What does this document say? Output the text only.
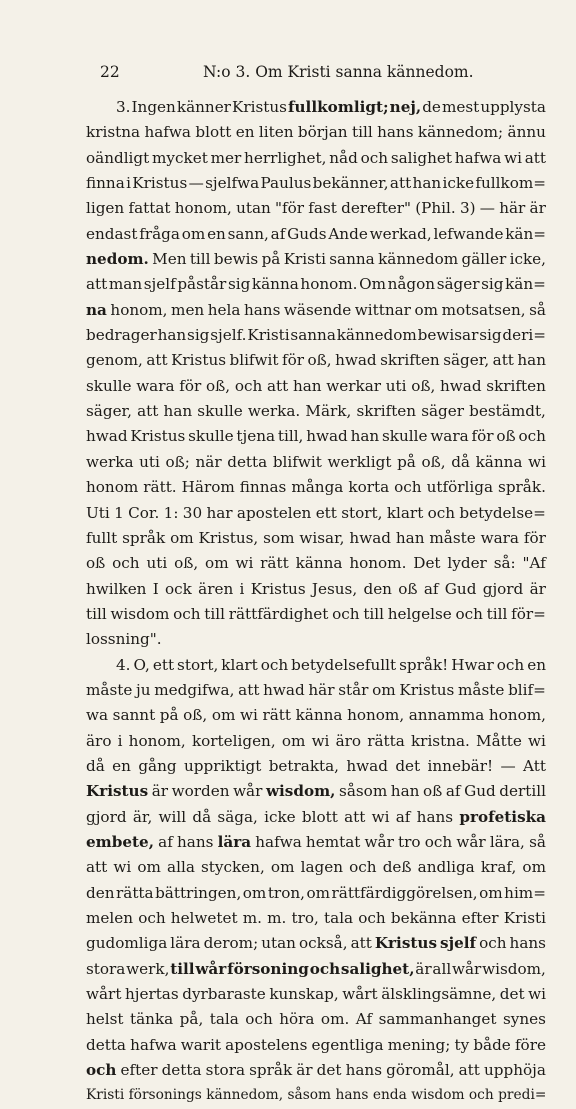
22	N:o 3. Om Kristi sanna kännedom.
3. Ingen känner Kristus fullkomligt; nej, de mest upplysta
kristna hafwa blott en liten början till hans kännedom; ännu
oändligt mycket mer herrlighet, nåd och salighet hafwa wi att
finna i Kristus — sjelfwa Paulus bekänner, att han icke fullkom=
ligen fattat honom, utan "för fast derefter" (Phil. 3) — här är
endast fråga om en sann, af Guds Ande werkad, lefwande kän=
nedom. Men till bewis på Kristi sanna kännedom gäller icke,
att man sjelf påstår sig känna honom. Om någon säger sig kän=
na honom, men hela hans wäsende wittnar om motsatsen, så
bedrager han sig sjelf. Kristi sanna kännedom bewisar sig deri=
genom, att Kristus blifwit för oß, hwad skriften säger, att han
skulle wara för oß, och att han werkar uti oß, hwad skriften
säger, att han skulle werka. Märk, skriften säger bestämdt,
hwad Kristus skulle tjena till, hwad han skulle wara för oß och
werka uti oß; när detta blifwit werkligt på oß, då känna wi
honom rätt. Härom finnas många korta och utförliga språk.
Uti 1 Cor. 1: 30 har apostelen ett stort, klart och betydelse=
fullt språk om Kristus, som wisar, hwad han måste wara för
oß och uti oß, om wi rätt känna honom. Det lyder så: "Af
hwilken I ock ären i Kristus Jesus, den oß af Gud gjord är
till wisdom och till rättfärdighet och till helgelse och till för=
lossning".
4. O, ett stort, klart och betydelsefullt språk! Hwar och en
måste ju medgifwa, att hwad här står om Kristus måste blif=
wa sannt på oß, om wi rätt känna honom, annamma honom,
äro i honom, korteligen, om wi äro rätta kristna. Måtte wi
då en gång uppriktigt betrakta, hwad det innebär! — Att
Kristus är worden wår wisdom, såsom han oß af Gud dertill
gjord är, will då säga, icke blott att wi af hans profetiska
embete, af hans lära hafwa hemtat wår tro och wår lära, så
att wi om alla stycken, om lagen och deß andliga kraf, om
den rätta bättringen, om tron, om rättfärdiggörelsen, om him=
melen och helwetet m. m. tro, tala och bekänna efter Kristi
gudomliga lära derom; utan också, att Kristus sjelf och hans
stora werk, till wår försoning och salighet, är all wår wisdom,
wårt hjertas dyrbaraste kunskap, wårt älsklingsämne, det wi
helst tänka på, tala och höra om. Af sammanhanget synes
detta hafwa warit apostelens egentliga mening; ty både före
och efter detta stora språk är det hans göromål, att upphöja
Kristi försonings kännedom, såsom hans enda wisdom och predi=
